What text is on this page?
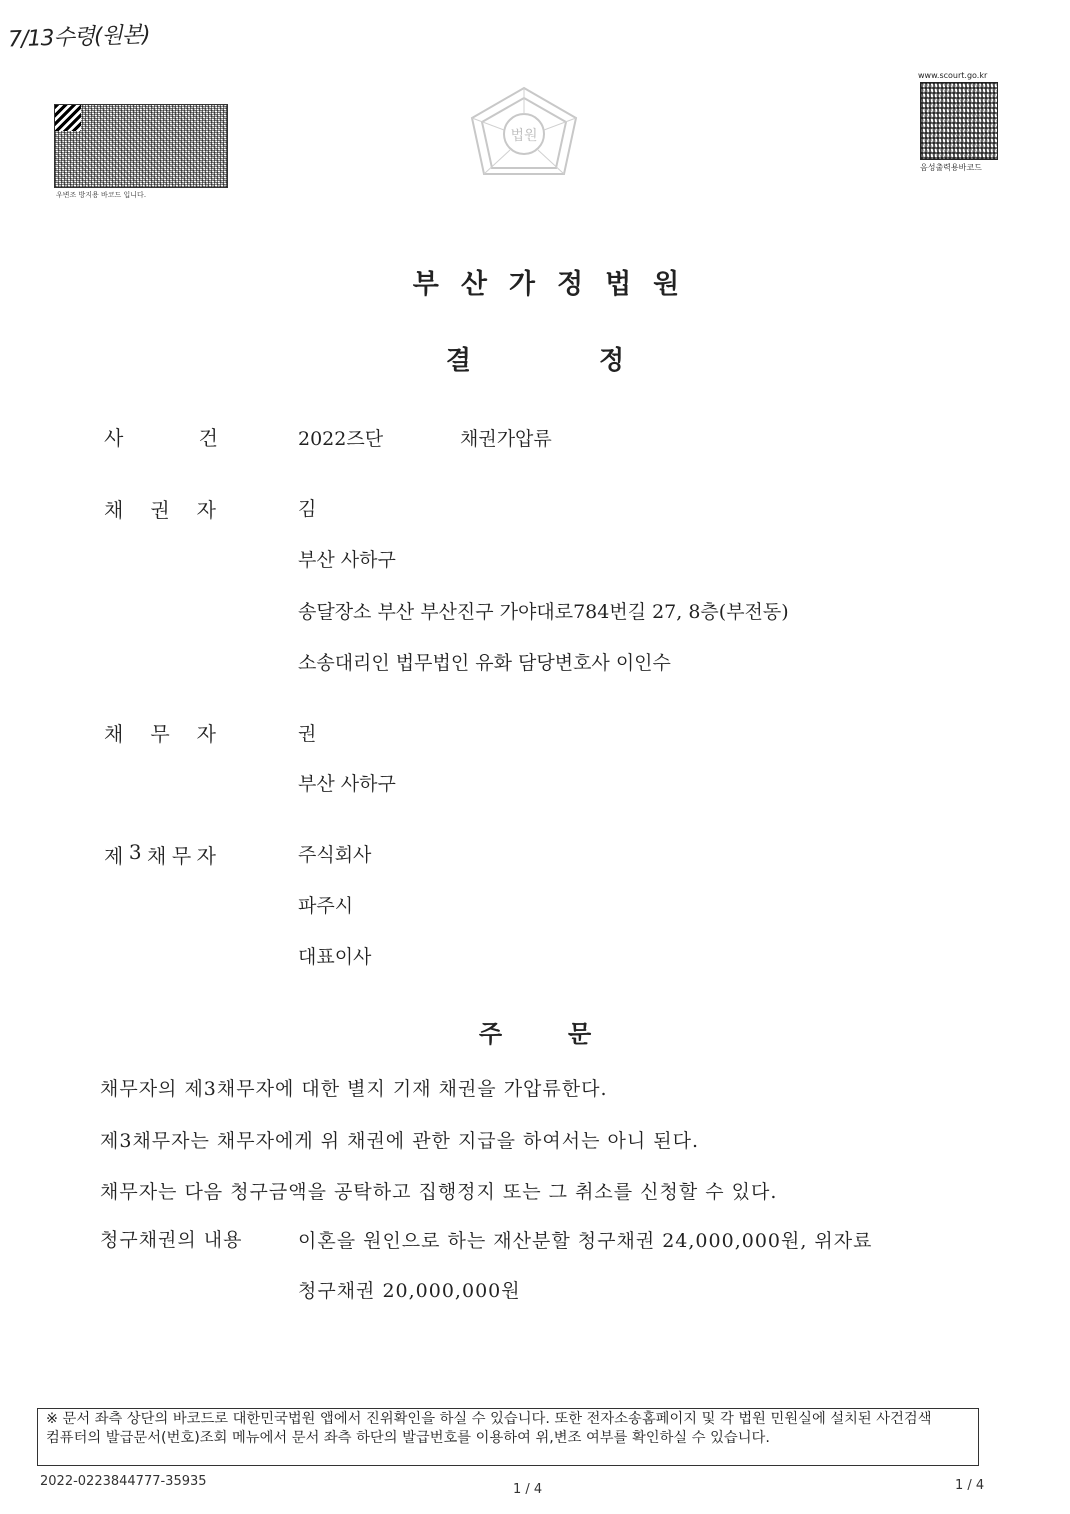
7/13수령(원본)
우변조 방지용 바코드 입니다.
www.scourt.go.kr
음성출력용바코드
법원
부산가정법원
결	정
사	건	2022즈단	채권가압류
채 권 자	김
부산 사하구
송달장소 부산 부산진구 가야대로784번길 27, 8층(부전동)
소송대리인 법무법인 유화 담당변호사 이인수
채 무 자	권
부산 사하구
제 3 채 무 자	주식회사
파주시
대표이사
주	문
채무자의 제3채무자에 대한 별지 기재 채권을 가압류한다.
제3채무자는 채무자에게 위 채권에 관한 지급을 하여서는 아니 된다.
채무자는 다음 청구금액을 공탁하고 집행정지 또는 그 취소를 신청할 수 있다.
청구채권의 내용	이혼을 원인으로 하는 재산분할 청구채권 24,000,000원, 위자료
청구채권 20,000,000원
※ 문서 좌측 상단의 바코드로 대한민국법원 앱에서 진위확인을 하실 수 있습니다. 또한 전자소송홈페이지 및 각 법원 민원실에 설치된 사건검색 컴퓨터의 발급문서(번호)조회 메뉴에서 문서 좌측 하단의 발급번호를 이용하여 위,변조 여부를 확인하실 수 있습니다.
2022-0223844777-35935
1 / 4	1 / 4
